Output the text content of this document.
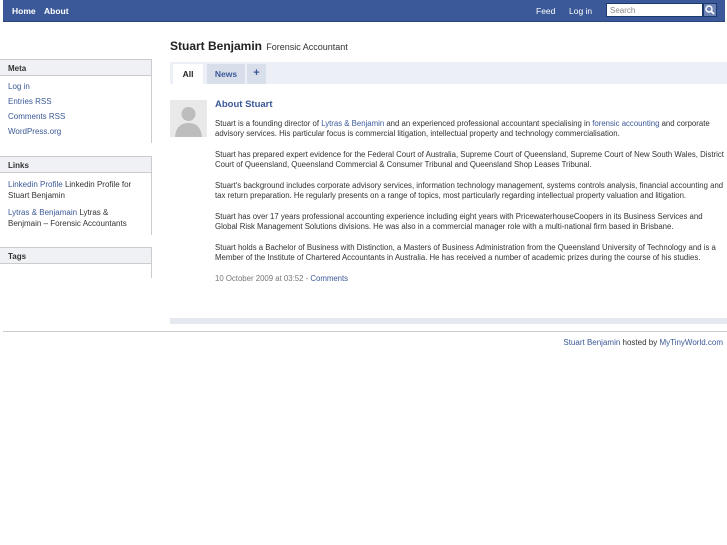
Home About	Feed Log in
Search
Meta
Log in
Entries RSS
Comments RSS
WordPress.org
Links
Linkedin Profile Linkedin Profile for Stuart Benjamin
Lytras & Benjamain Lytras & Benjmain – Forensic Accountants
Tags
Stuart Benjamin Forensic Accountant
All	News	+
About Stuart

Stuart is a founding director of Lytras & Benjamin and an experienced professional accountant specialising in forensic accounting and corporate advisory services. His particular focus is commercial litigation, intellectual property and technology commercialisation.

Stuart has prepared expert evidence for the Federal Court of Australia, Supreme Court of Queensland, Supreme Court of New South Wales, District Court of Queensland, Queensland Commercial & Consumer Tribunal and Queensland Shop Leases Tribunal.

Stuart's background includes corporate advisory services, information technology management, systems controls analysis, financial accounting and tax return preparation. He regularly presents on a range of topics, most particularly regarding intellectual property valuation and litigation.

Stuart has over 17 years professional accounting experience including eight years with PricewaterhouseCoopers in its Business Services and Global Risk Management Solutions divisions. He was also in a commercial manager role with a multi-national firm based in Brisbane.

Stuart holds a Bachelor of Business with Distinction, a Masters of Business Administration from the Queensland University of Technology and is a Member of the Institute of Chartered Accountants in Australia. He has received a number of academic prizes during the course of his studies.

10 October 2009 at 03:52 - Comments
Stuart Benjamin hosted by MyTinyWorld.com
